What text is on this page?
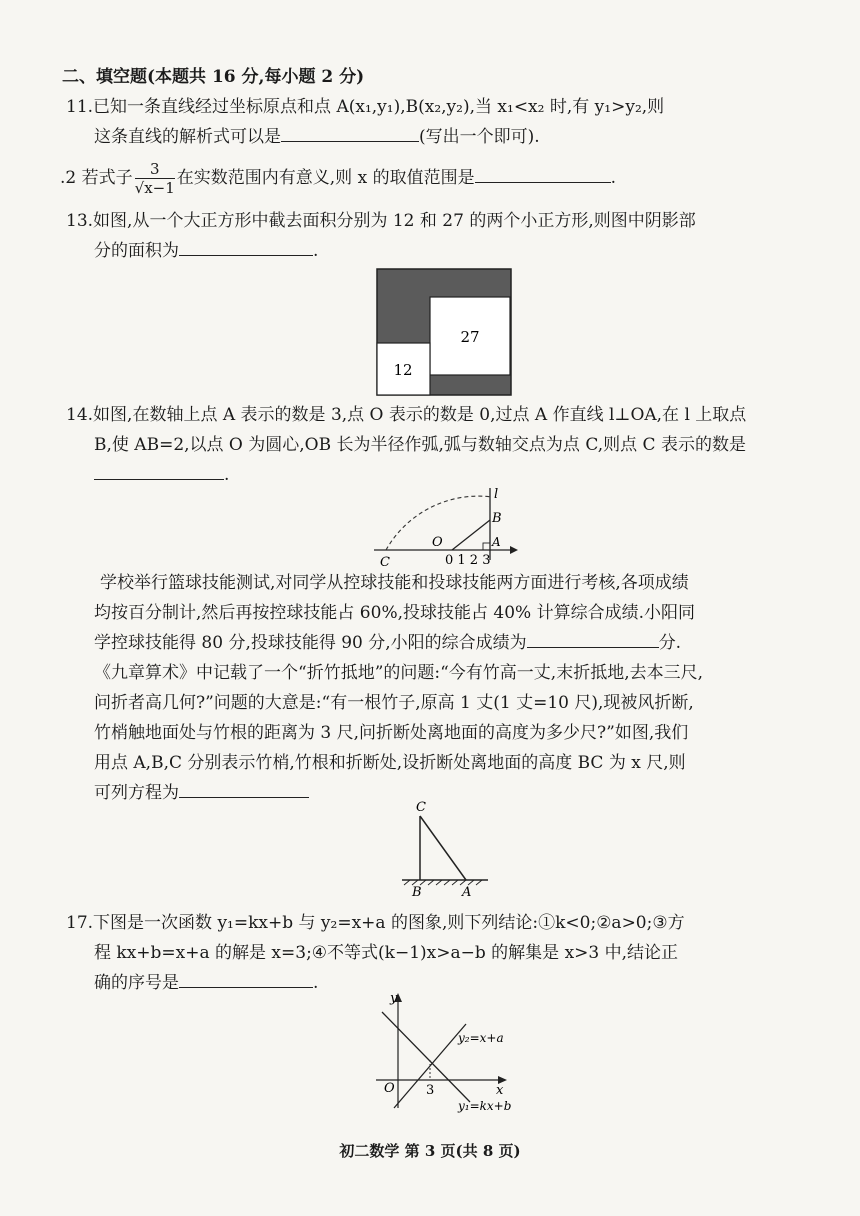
二、填空题(本题共 16 分,每小题 2 分)
11.已知一条直线经过坐标原点和点 A(x₁,y₁),B(x₂,y₂),当 x₁<x₂ 时,有 y₁>y₂,则
这条直线的解析式可以是	(写出一个即可).
.2 若式子 $\frac{3}{√x-1}$ 在实数范围内有意义,则 x 的取值范围是	.
13.如图,从一个大正方形中截去面积分别为 12 和 27 的两个小正方形,则图中阴影部
分的面积为	.
27
12
14.如图,在数轴上点 A 表示的数是 3,点 O 表示的数是 0,过点 A 作直线 l⊥OA,在 l 上取点
B,使 AB=2,以点 O 为圆心,OB 长为半径作弧,弧与数轴交点为点 C,则点 C 表示的数是
.
l
B
C
O	A
0 1 2 3
学校举行篮球技能测试,对同学从控球技能和投球技能两方面进行考核,各项成绩
均按百分制计,然后再按控球技能占 60%,投球技能占 40% 计算综合成绩.小阳同
学控球技能得 80 分,投球技能得 90 分,小阳的综合成绩为	分.
《九章算术》中记载了一个“折竹抵地”的问题:“今有竹高一丈,末折抵地,去本三尺,
问折者高几何?”问题的大意是:“有一根竹子,原高 1 丈(1 丈=10 尺),现被风折断,
竹梢触地面处与竹根的距离为 3 尺,问折断处离地面的高度为多少尺?”如图,我们
用点 A,B,C 分别表示竹梢,竹根和折断处,设折断处离地面的高度 BC 为 x 尺,则
可列方程为
C
B	A
17.下图是一次函数 y₁=kx+b 与 y₂=x+a 的图象,则下列结论:①k<0;②a>0;③方
程 kx+b=x+a 的解是 x=3;④不等式(k−1)x>a−b 的解集是 x>3 中,结论正
确的序号是	.
y
x
O 3
y₂=x+a
y₁=kx+b
初二数学 第 3 页(共 8 页)
